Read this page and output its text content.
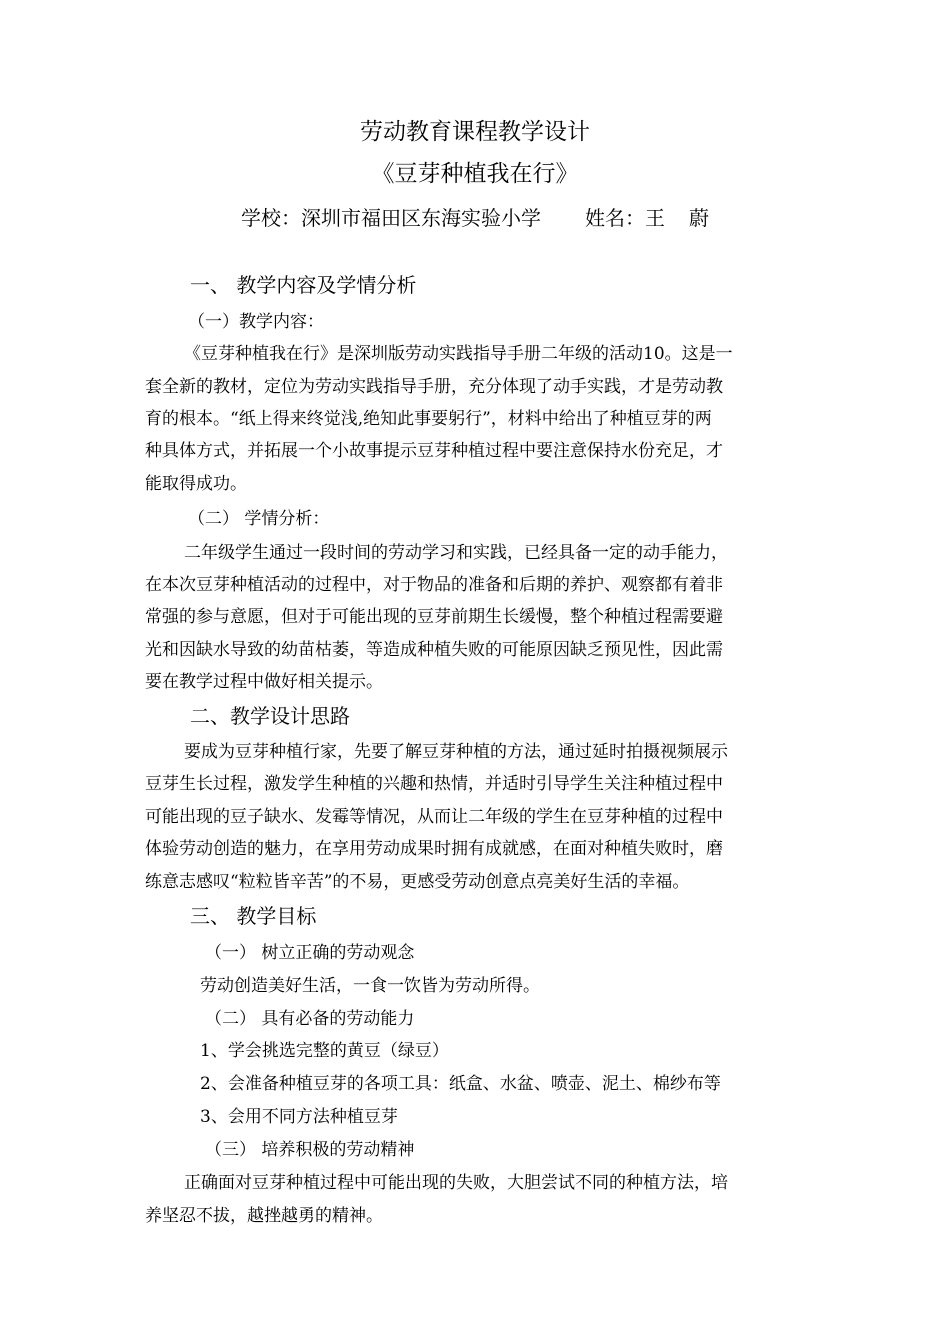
劳动教育课程教学设计
《豆芽种植我在行》
学校：深圳市福田区东海实验小学 姓名：王 蔚
一、 教学内容及学情分析
（一）教学内容：
《豆芽种植我在行》是深圳版劳动实践指导手册二年级的活动10。这是一
套全新的教材，定位为劳动实践指导手册，充分体现了动手实践，才是劳动教
育的根本。“纸上得来终觉浅,绝知此事要躬行”，材料中给出了种植豆芽的两
种具体方式，并拓展一个小故事提示豆芽种植过程中要注意保持水份充足，才
能取得成功。
（二） 学情分析：
二年级学生通过一段时间的劳动学习和实践，已经具备一定的动手能力，
在本次豆芽种植活动的过程中，对于物品的准备和后期的养护、观察都有着非
常强的参与意愿，但对于可能出现的豆芽前期生长缓慢，整个种植过程需要避
光和因缺水导致的幼苗枯萎，等造成种植失败的可能原因缺乏预见性，因此需
要在教学过程中做好相关提示。
二、教学设计思路
要成为豆芽种植行家，先要了解豆芽种植的方法，通过延时拍摄视频展示
豆芽生长过程，激发学生种植的兴趣和热情，并适时引导学生关注种植过程中
可能出现的豆子缺水、发霉等情况，从而让二年级的学生在豆芽种植的过程中
体验劳动创造的魅力，在享用劳动成果时拥有成就感，在面对种植失败时，磨
练意志感叹“粒粒皆辛苦”的不易，更感受劳动创意点亮美好生活的幸福。
三、 教学目标
（一） 树立正确的劳动观念
劳动创造美好生活，一食一饮皆为劳动所得。
（二） 具有必备的劳动能力
1、学会挑选完整的黄豆（绿豆）
2、会准备种植豆芽的各项工具：纸盒、水盆、喷壶、泥土、棉纱布等
3、会用不同方法种植豆芽
（三） 培养积极的劳动精神
正确面对豆芽种植过程中可能出现的失败，大胆尝试不同的种植方法，培
养坚忍不拔，越挫越勇的精神。
